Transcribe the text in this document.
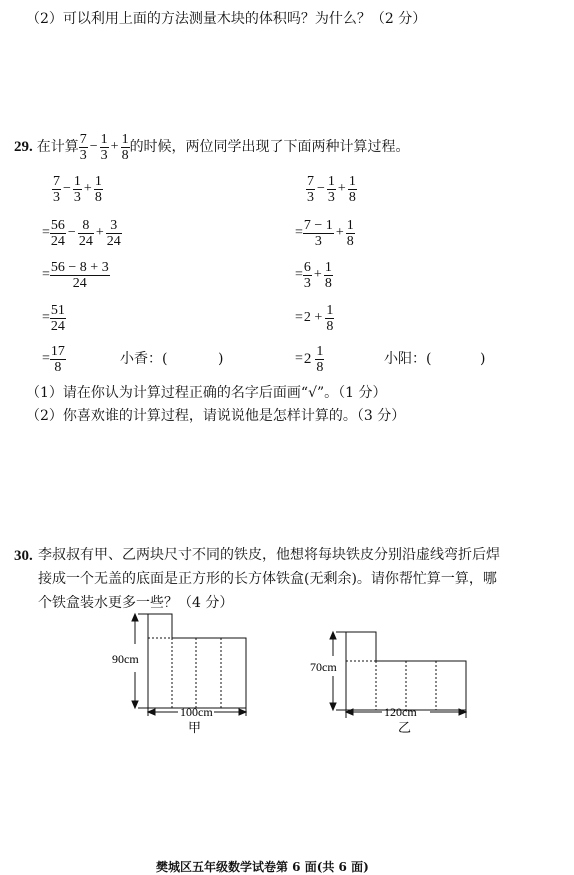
（2）可以利用上面的方法测量木块的体积吗？为什么？（2 分）
29. 在计算 $\frac{7}{3} - \frac{1}{3} + \frac{1}{8}$ 的时候，两位同学出现了下面两种计算过程。
$\frac{7}{3} - \frac{1}{3} + \frac{1}{8}$
= $\frac{56}{24} - \frac{8}{24} + \frac{3}{24}$
= $\frac{56 - 8 + 3}{24}$
= $\frac{51}{24}$
= $\frac{17}{8}$	小香：(	)
$\frac{7}{3} - \frac{1}{3} + \frac{1}{8}$
= $\frac{7 - 1}{3} + \frac{1}{8}$
= $\frac{6}{3} + \frac{1}{8}$
= $2 + \frac{1}{8}$
= $2 \frac{1}{8}$	小阳：(	)
（1）请在你认为计算过程正确的名字后面画“√”。（1 分）
（2）你喜欢谁的计算过程，请说说他是怎样计算的。（3 分）
30. 李叔叔有甲、乙两块尺寸不同的铁皮，他想将每块铁皮分别沿虚线弯折后焊
接成一个无盖的底面是正方形的长方体铁盒(无剩余)。请你帮忙算一算，哪
个铁盒装水更多一些？（4 分）
90cm
100cm
甲
70cm
120cm
乙
樊城区五年级数学试卷第 6 面(共 6 面)
